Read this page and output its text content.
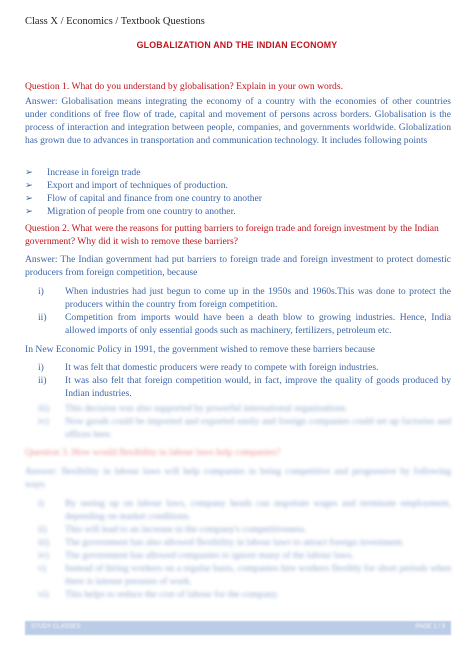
Class X / Economics / Textbook Questions
GLOBALIZATION AND THE INDIAN ECONOMY
Question 1. What do you understand by globalisation? Explain in your own words.
Answer: Globalisation means integrating the economy of a country with the economies of other countries under conditions of free flow of trade, capital and movement of persons across borders. Globalisation is the process of interaction and integration between people, companies, and governments worldwide. Globalization has grown due to advances in transportation and communication technology. It includes following points
➢	Increase in foreign trade
➢	Export and import of techniques of production.
➢	Flow of capital and finance from one country to another
➢	Migration of people from one country to another.
Question 2. What were the reasons for putting barriers to foreign trade and foreign investment by the Indian government? Why did it wish to remove these barriers?
Answer: The Indian government had put barriers to foreign trade and foreign investment to protect domestic producers from foreign competition, because
i)	When industries had just begun to come up in the 1950s and 1960s.This was done to protect the producers within the country from foreign competition.
ii)	Competition from imports would have been a death blow to growing industries. Hence, India allowed imports of only essential goods such as machinery, fertilizers, petroleum etc.
In New Economic Policy in 1991, the government wished to remove these barriers because
i)	It was felt that domestic producers were ready to compete with foreign industries.
ii)	It was also felt that foreign competition would, in fact, improve the quality of goods produced by Indian industries.
iii)	This decision was also supported by powerful international organisations.
iv)	Now goods could be imported and exported easily and foreign companies could set up factories and offices here.
Question 3. How would flexibility in labour laws help companies?
Answer: flexibility in labour laws will help companies in being competitive and progressive by following ways
i)	By seeing up on labour laws, company heads can negotiate wages and terminate employment, depending on market conditions.
ii)	This will lead to an increase in the company's competitiveness.
iii)	The government has also allowed flexibility in labour laws to attract foreign investment.
iv)	The government has allowed companies to ignore many of the labour laws.
v)	Instead of hiring workers on a regular basis, companies hire workers flexibly for short periods when there is intense pressure of work.
vi)	This helps to reduce the cost of labour for the company.
STUDY CLASSES	PAGE 1 / 3
